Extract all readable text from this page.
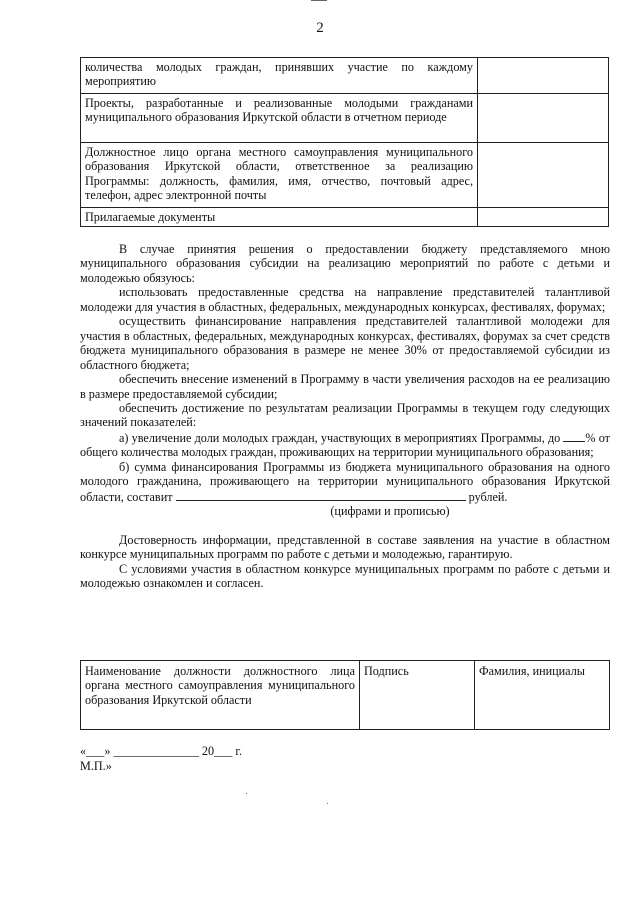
2
количества молодых граждан, принявших участие по каждому мероприятию	
Проекты, разработанные и реализованные молодыми гражданами муниципального образования Иркутской области в отчетном периоде	
Должностное лицо органа местного самоуправления муниципального образования Иркутской области, ответственное за реализацию Программы: должность, фамилия, имя, отчество, почтовый адрес, телефон, адрес электронной почты	
Прилагаемые документы	

В случае принятия решения о предоставлении бюджету представляемого мною муниципального образования субсидии на реализацию мероприятий по работе с детьми и молодежью обязуюсь:

использовать предоставленные средства на направление представителей талантливой молодежи для участия в областных, федеральных, международных конкурсах, фестивалях, форумах;

осуществить финансирование направления представителей талантливой молодежи для участия в областных, федеральных, международных конкурсах, фестивалях, форумах за счет средств бюджета муниципального образования в размере не менее 30% от предоставляемой субсидии из областного бюджета;

обеспечить внесение изменений в Программу в части увеличения расходов на ее реализацию в размере предоставляемой субсидии;

обеспечить достижение по результатам реализации Программы в текущем году следующих значений показателей:

а) увеличение доли молодых граждан, участвующих в мероприятиях Программы, до % от общего количества молодых граждан, проживающих на территории муниципального образования;

б) сумма финансирования Программы из бюджета муниципального образования на одного молодого гражданина, проживающего на территории муниципального образования Иркутской области, составит	рублей.

(цифрами и прописью)

Достоверность информации, представленной в составе заявления на участие в областном конкурсе муниципальных программ по работе с детьми и молодежью, гарантирую.

С условиями участия в областном конкурсе муниципальных программ по работе с детьми и молодежью ознакомлен и согласен.

Наименование должности должностного лица органа местного самоуправления муниципального образования Иркутской области	Подпись	Фамилия, инициалы
«___» ______________ 20___ г.
М.П.»
